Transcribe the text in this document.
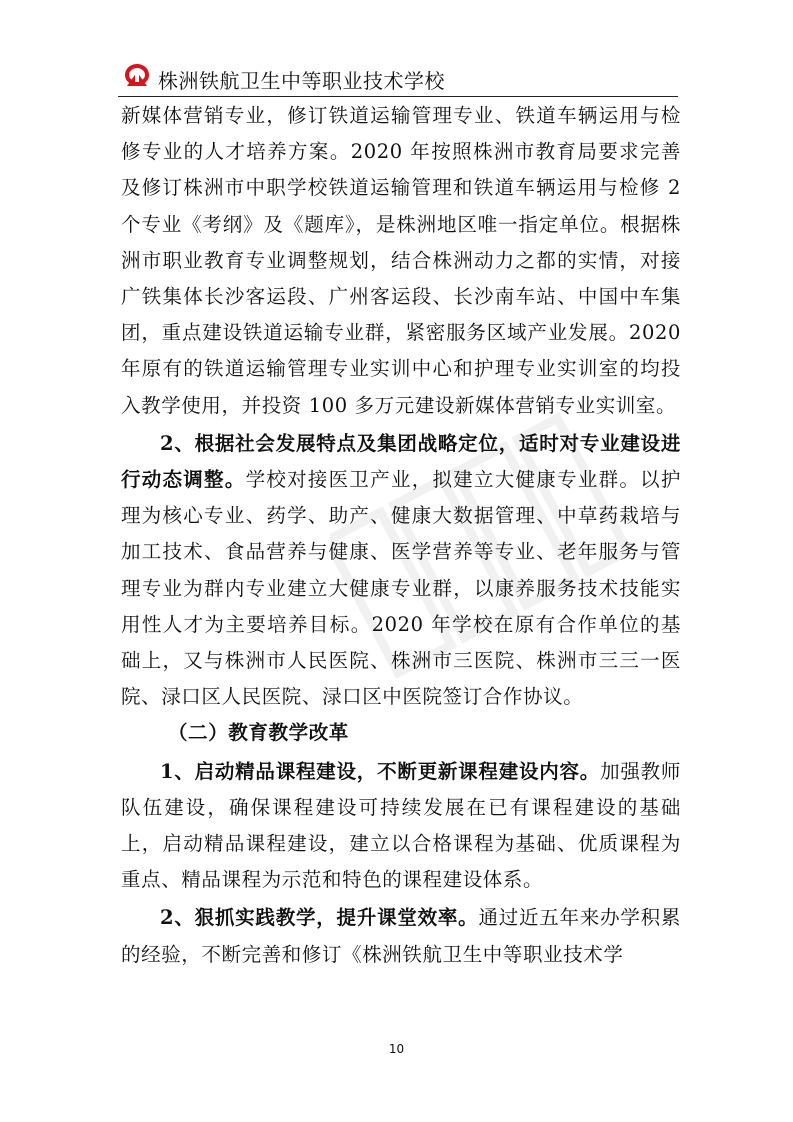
株洲铁航卫生中等职业技术学校

新媒体营销专业，修订铁道运输管理专业、铁道车辆运用与检修专业的人才培养方案。2020 年按照株洲市教育局要求完善及修订株洲市中职学校铁道运输管理和铁道车辆运用与检修 2 个专业《考纲》及《题库》，是株洲地区唯一指定单位。根据株洲市职业教育专业调整规划，结合株洲动力之都的实情，对接广铁集体长沙客运段、广州客运段、长沙南车站、中国中车集团，重点建设铁道运输专业群，紧密服务区域产业发展。2020 年原有的铁道运输管理专业实训中心和护理专业实训室的均投入教学使用，并投资 100 多万元建设新媒体营销专业实训室。

2、根据社会发展特点及集团战略定位，适时对专业建设进行动态调整。学校对接医卫产业，拟建立大健康专业群。以护理为核心专业、药学、助产、健康大数据管理、中草药栽培与加工技术、食品营养与健康、医学营养等专业、老年服务与管理专业为群内专业建立大健康专业群，以康养服务技术技能实用性人才为主要培养目标。2020 年学校在原有合作单位的基础上，又与株洲市人民医院、株洲市三医院、株洲市三三一医院、渌口区人民医院、渌口区中医院签订合作协议。

（二）教育教学改革

1、启动精品课程建设，不断更新课程建设内容。加强教师队伍建设，确保课程建设可持续发展在已有课程建设的基础上，启动精品课程建设，建立以合格课程为基础、优质课程为重点、精品课程为示范和特色的课程建设体系。

2、狠抓实践教学，提升课堂效率。通过近五年来办学积累的经验，不断完善和修订《株洲铁航卫生中等职业技术学

10
